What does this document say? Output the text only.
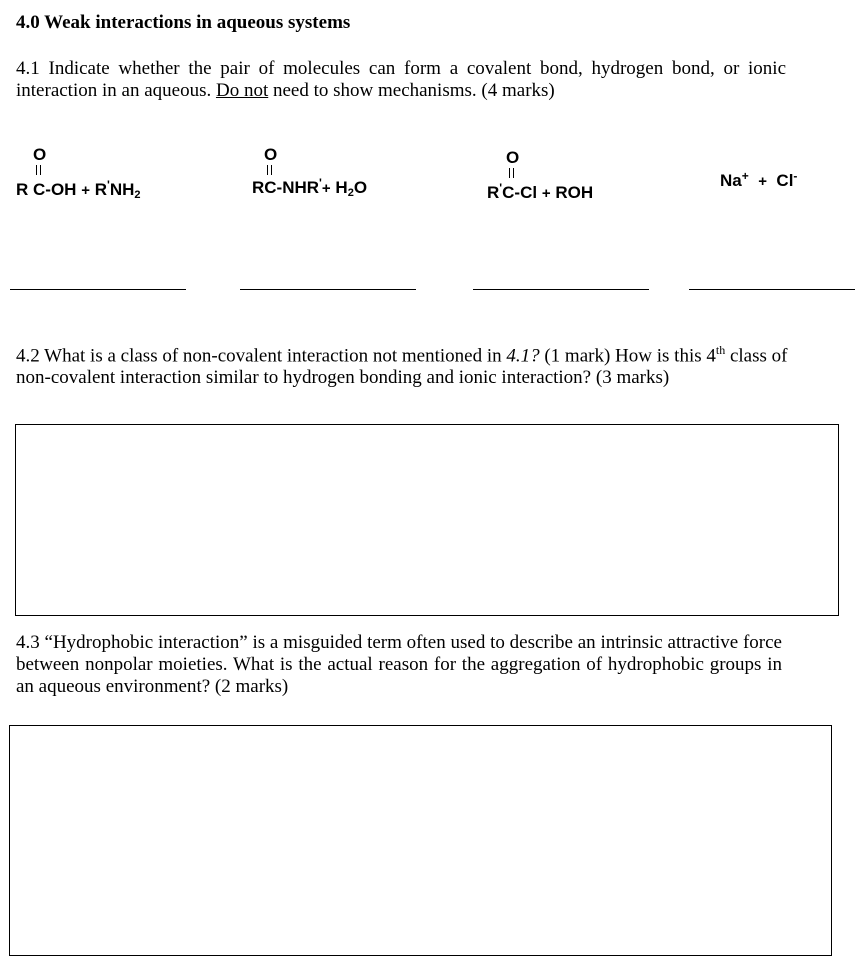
4.0 Weak interactions in aqueous systems
4.1 Indicate whether the pair of molecules can form a covalent bond, hydrogen bond, or ionic interaction in an aqueous. Do not need to show mechanisms. (4 marks)
O
R $C-OH + R'NH_2$
O
$RC-NHR'+ H_2O$
O
R'C-Cl + ROH
Na+ + Cl-
4.2 What is a class of non-covalent interaction not mentioned in 4.1? (1 mark) How is this 4th class of non-covalent interaction similar to hydrogen bonding and ionic interaction? (3 marks)
4.3 “Hydrophobic interaction” is a misguided term often used to describe an intrinsic attractive force between nonpolar moieties. What is the actual reason for the aggregation of hydrophobic groups in an aqueous environment? (2 marks)
